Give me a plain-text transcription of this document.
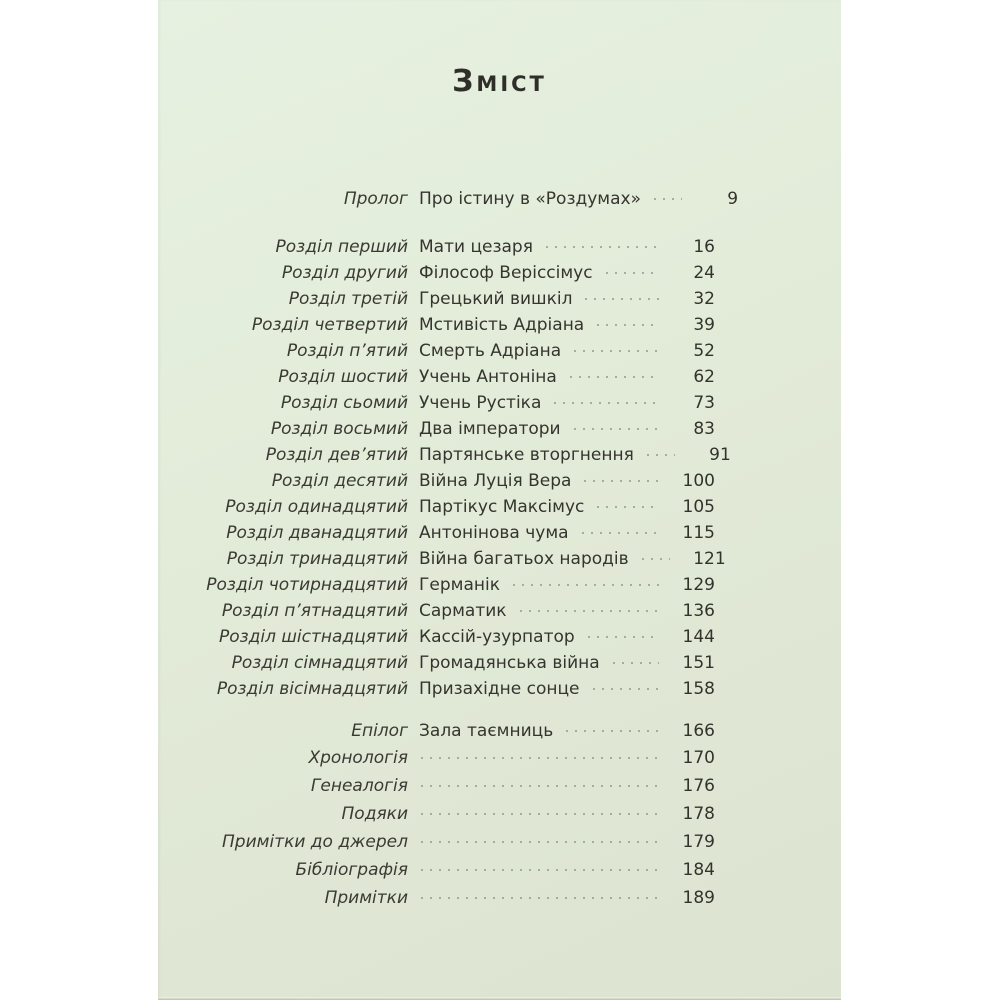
Зміст
Пролог Про істину в «Роздумах»	9
Розділ перший Мати цезаря	16
Розділ другий Філософ Веріссімус	24
Розділ третій Грецький вишкіл	32
Розділ четвертий Мстивість Адріана	39
Розділ п’ятий Смерть Адріана	52
Розділ шостий Учень Антоніна	62
Розділ сьомий Учень Рустіка	73
Розділ восьмий Два імператори	83
Розділ дев’ятий Партянське вторгнення	91
Розділ десятий Війна Луція Вера	100
Розділ одинадцятий Партікус Максімус	105
Розділ дванадцятий Антонінова чума	115
Розділ тринадцятий Війна багатьох народів	121
Розділ чотирнадцятий Германік	129
Розділ п’ятнадцятий Сарматик	136
Розділ шістнадцятий Кассій-узурпатор	144
Розділ сімнадцятий Громадянська війна	151
Розділ вісімнадцятий Призахідне сонце	158
Епілог Зала таємниць	166
Хронологія	170
Генеалогія	176
Подяки	178
Примітки до джерел	179
Бібліографія	184
Примітки	189
